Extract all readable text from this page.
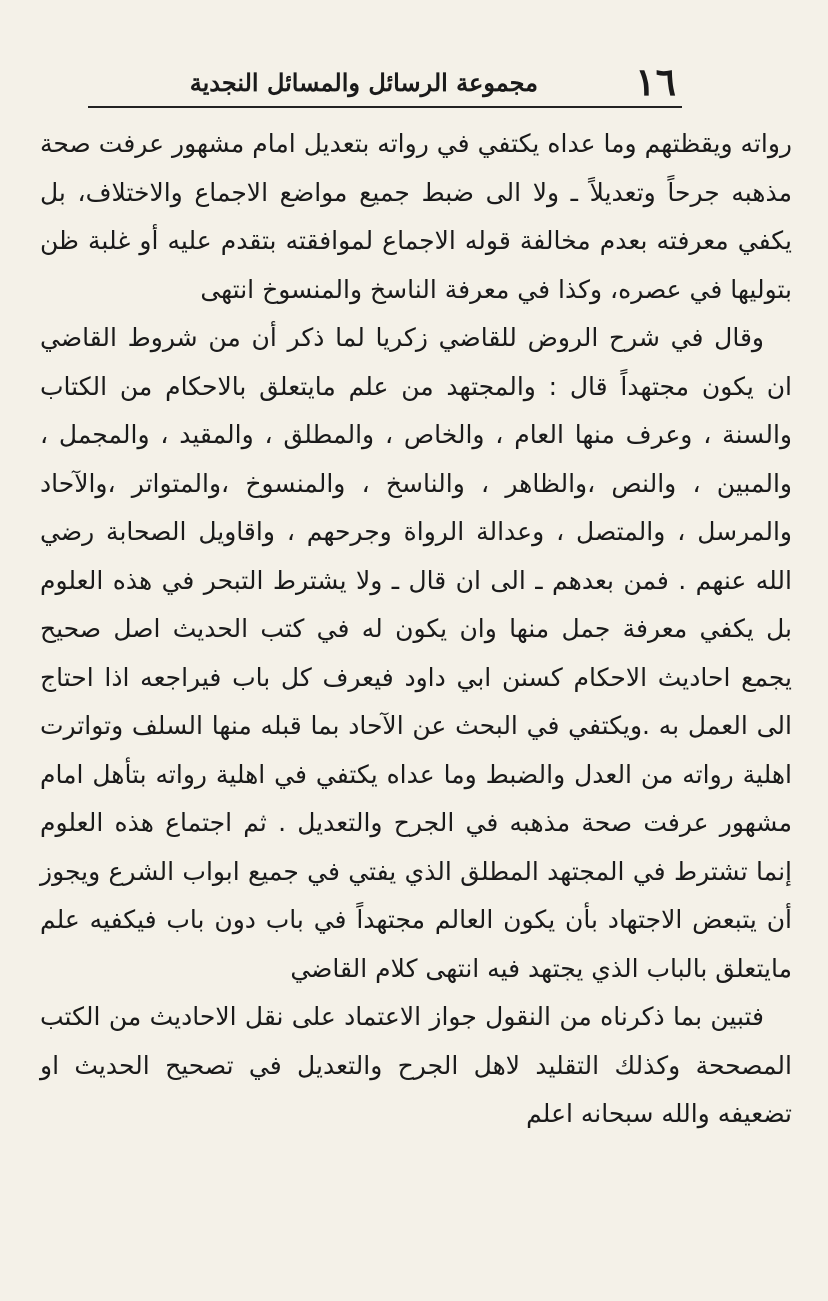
١٦
مجموعة الرسائل والمسائل النجدية

رواته ويقظتهم وما عداه يكتفي في رواته بتعديل امام مشهور عرفت صحة مذهبه جرحاً وتعديلاً ـ ولا الى ضبط جميع مواضع الاجماع والاختلاف، بل يكفي معرفته بعدم مخالفة قوله الاجماع لموافقته بتقدم عليه أو غلبة ظن بتوليها في عصره، وكذا في معرفة الناسخ والمنسوخ انتهى

وقال في شرح الروض للقاضي زكريا لما ذكر أن من شروط القاضي ان يكون مجتهداً قال : والمجتهد من علم مايتعلق بالاحكام من الكتاب والسنة ، وعرف منها العام ، والخاص ، والمطلق ، والمقيد ، والمجمل ، والمبين ، والنص ،والظاهر ، والناسخ ، والمنسوخ ،والمتواتر ،والآحاد والمرسل ، والمتصل ، وعدالة الرواة وجرحهم ، واقاويل الصحابة رضي الله عنهم . فمن بعدهم ـ الى ان قال ـ ولا يشترط التبحر في هذه العلوم بل يكفي معرفة جمل منها وان يكون له في كتب الحديث اصل صحيح يجمع احاديث الاحكام كسنن ابي داود فيعرف كل باب فيراجعه اذا احتاج الى العمل به .ويكتفي في البحث عن الآحاد بما قبله منها السلف وتواترت اهلية رواته من العدل والضبط وما عداه يكتفي في اهلية رواته بتأهل امام مشهور عرفت صحة مذهبه في الجرح والتعديل . ثم اجتماع هذه العلوم إنما تشترط في المجتهد المطلق الذي يفتي في جميع ابواب الشرع ويجوز أن يتبعض الاجتهاد بأن يكون العالم مجتهداً في باب دون باب فيكفيه علم مايتعلق بالباب الذي يجتهد فيه انتهى كلام القاضي

فتبين بما ذكرناه من النقول جواز الاعتماد على نقل الاحاديث من الكتب المصححة وكذلك التقليد لاهل الجرح والتعديل في تصحيح الحديث او تضعيفه والله سبحانه اعلم
